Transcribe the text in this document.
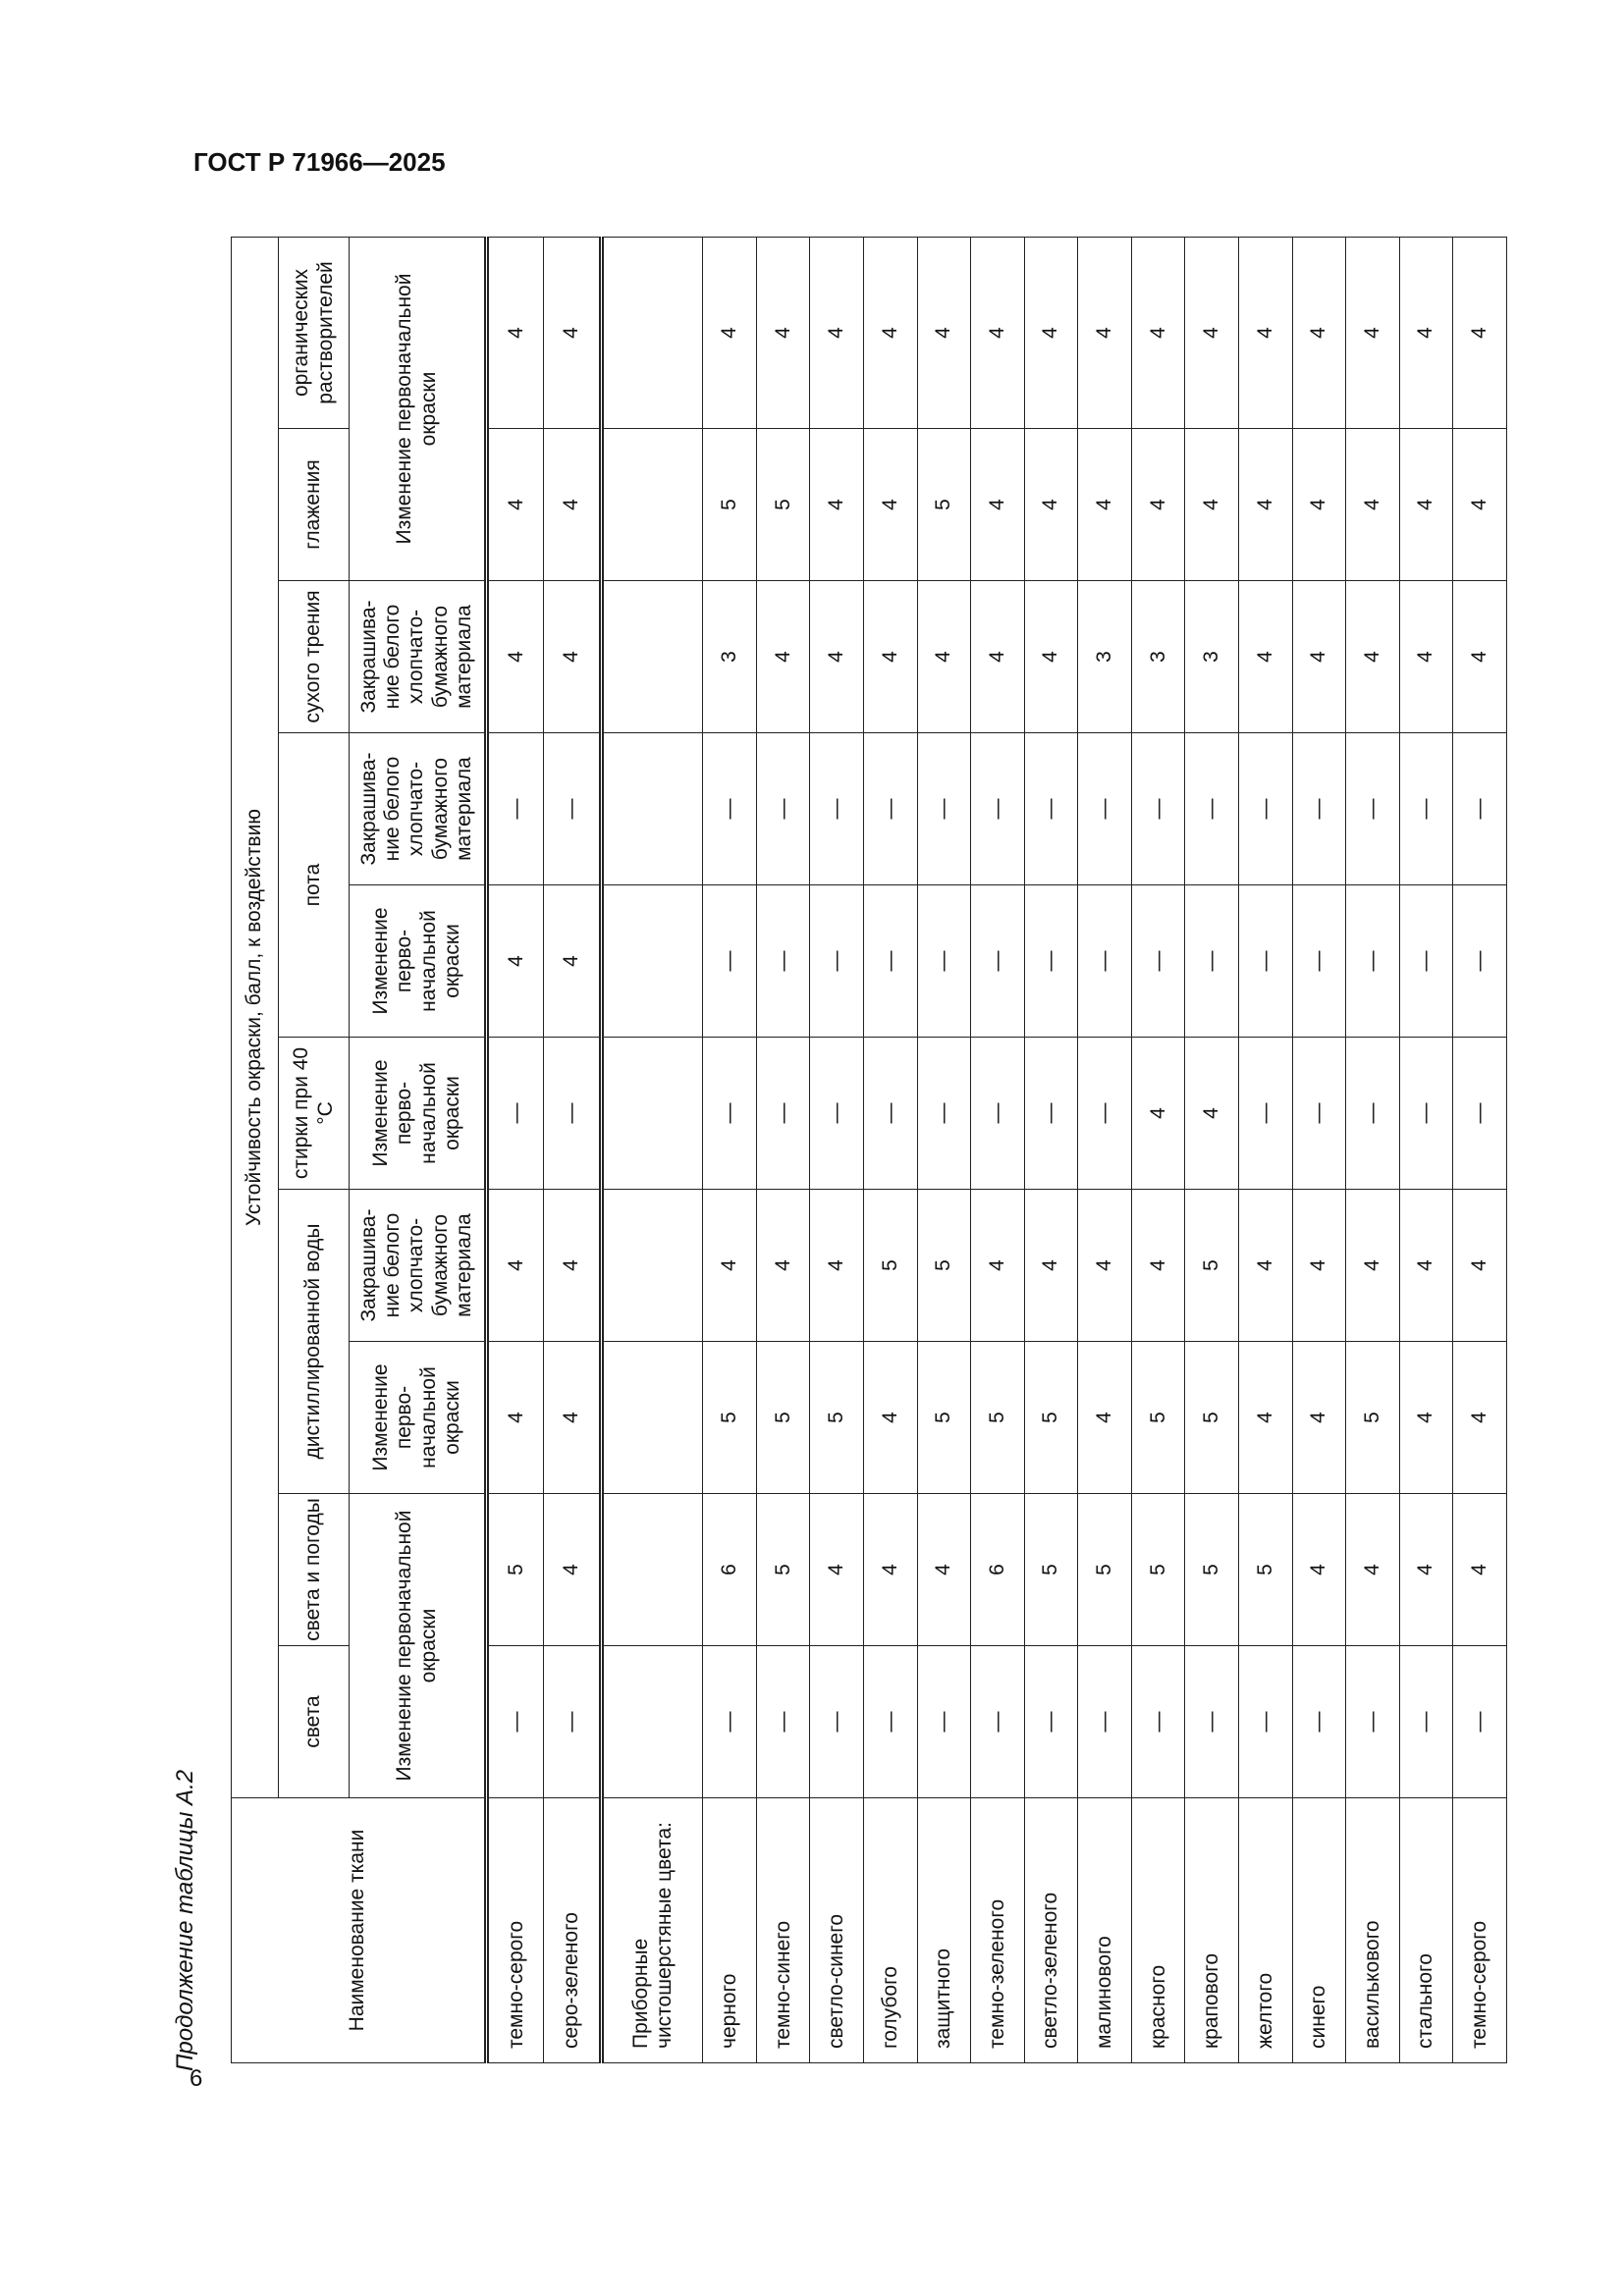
ГОСТ Р 71966—2025
6
Продолжение таблицы А.2	Наименование ткани	Устойчивость окраски, балл, к воздействию									
	света	света и погоды	дистиллированной воды		стирки при 40 °С	пота		сухого трения	глажения	органических растворителей
	Изменение первоначальной окраски		Изменение перво-начальной окраски	Закрашива-ние белого хлопчато-бумажного материала	Изменение перво-начальной окраски	Изменение перво-начальной окраски	Закрашива-ние белого хлопчато-бумажного материала	Закрашива-ние белого хлопчато-бумажного материала	Изменение первоначальной окраски	
темно-серого	—	5	4	4	—	4	—	4	4	4
серо-зеленого	—	4	4	4	—	4	—	4	4	4
Приборные чистошерстяные цвета:										
черного	—	6	5	4	—	—	—	3	5	4
темно-синего	—	5	5	4	—	—	—	4	5	4
светло-синего	—	4	5	4	—	—	—	4	4	4
голубого	—	4	4	5	—	—	—	4	4	4
защитного	—	4	5	5	—	—	—	4	5	4
темно-зеленого	—	6	5	4	—	—	—	4	4	4
светло-зеленого	—	5	5	4	—	—	—	4	4	4
малинового	—	5	4	4	—	—	—	3	4	4
красного	—	5	5	4	4	—	—	3	4	4
крапового	—	5	5	5	4	—	—	3	4	4
желтого	—	5	4	4	—	—	—	4	4	4
синего	—	4	4	4	—	—	—	4	4	4
василькового	—	4	5	4	—	—	—	4	4	4
стального	—	4	4	4	—	—	—	4	4	4
темно-серого	—	4	4	4	—	—	—	4	4	4
